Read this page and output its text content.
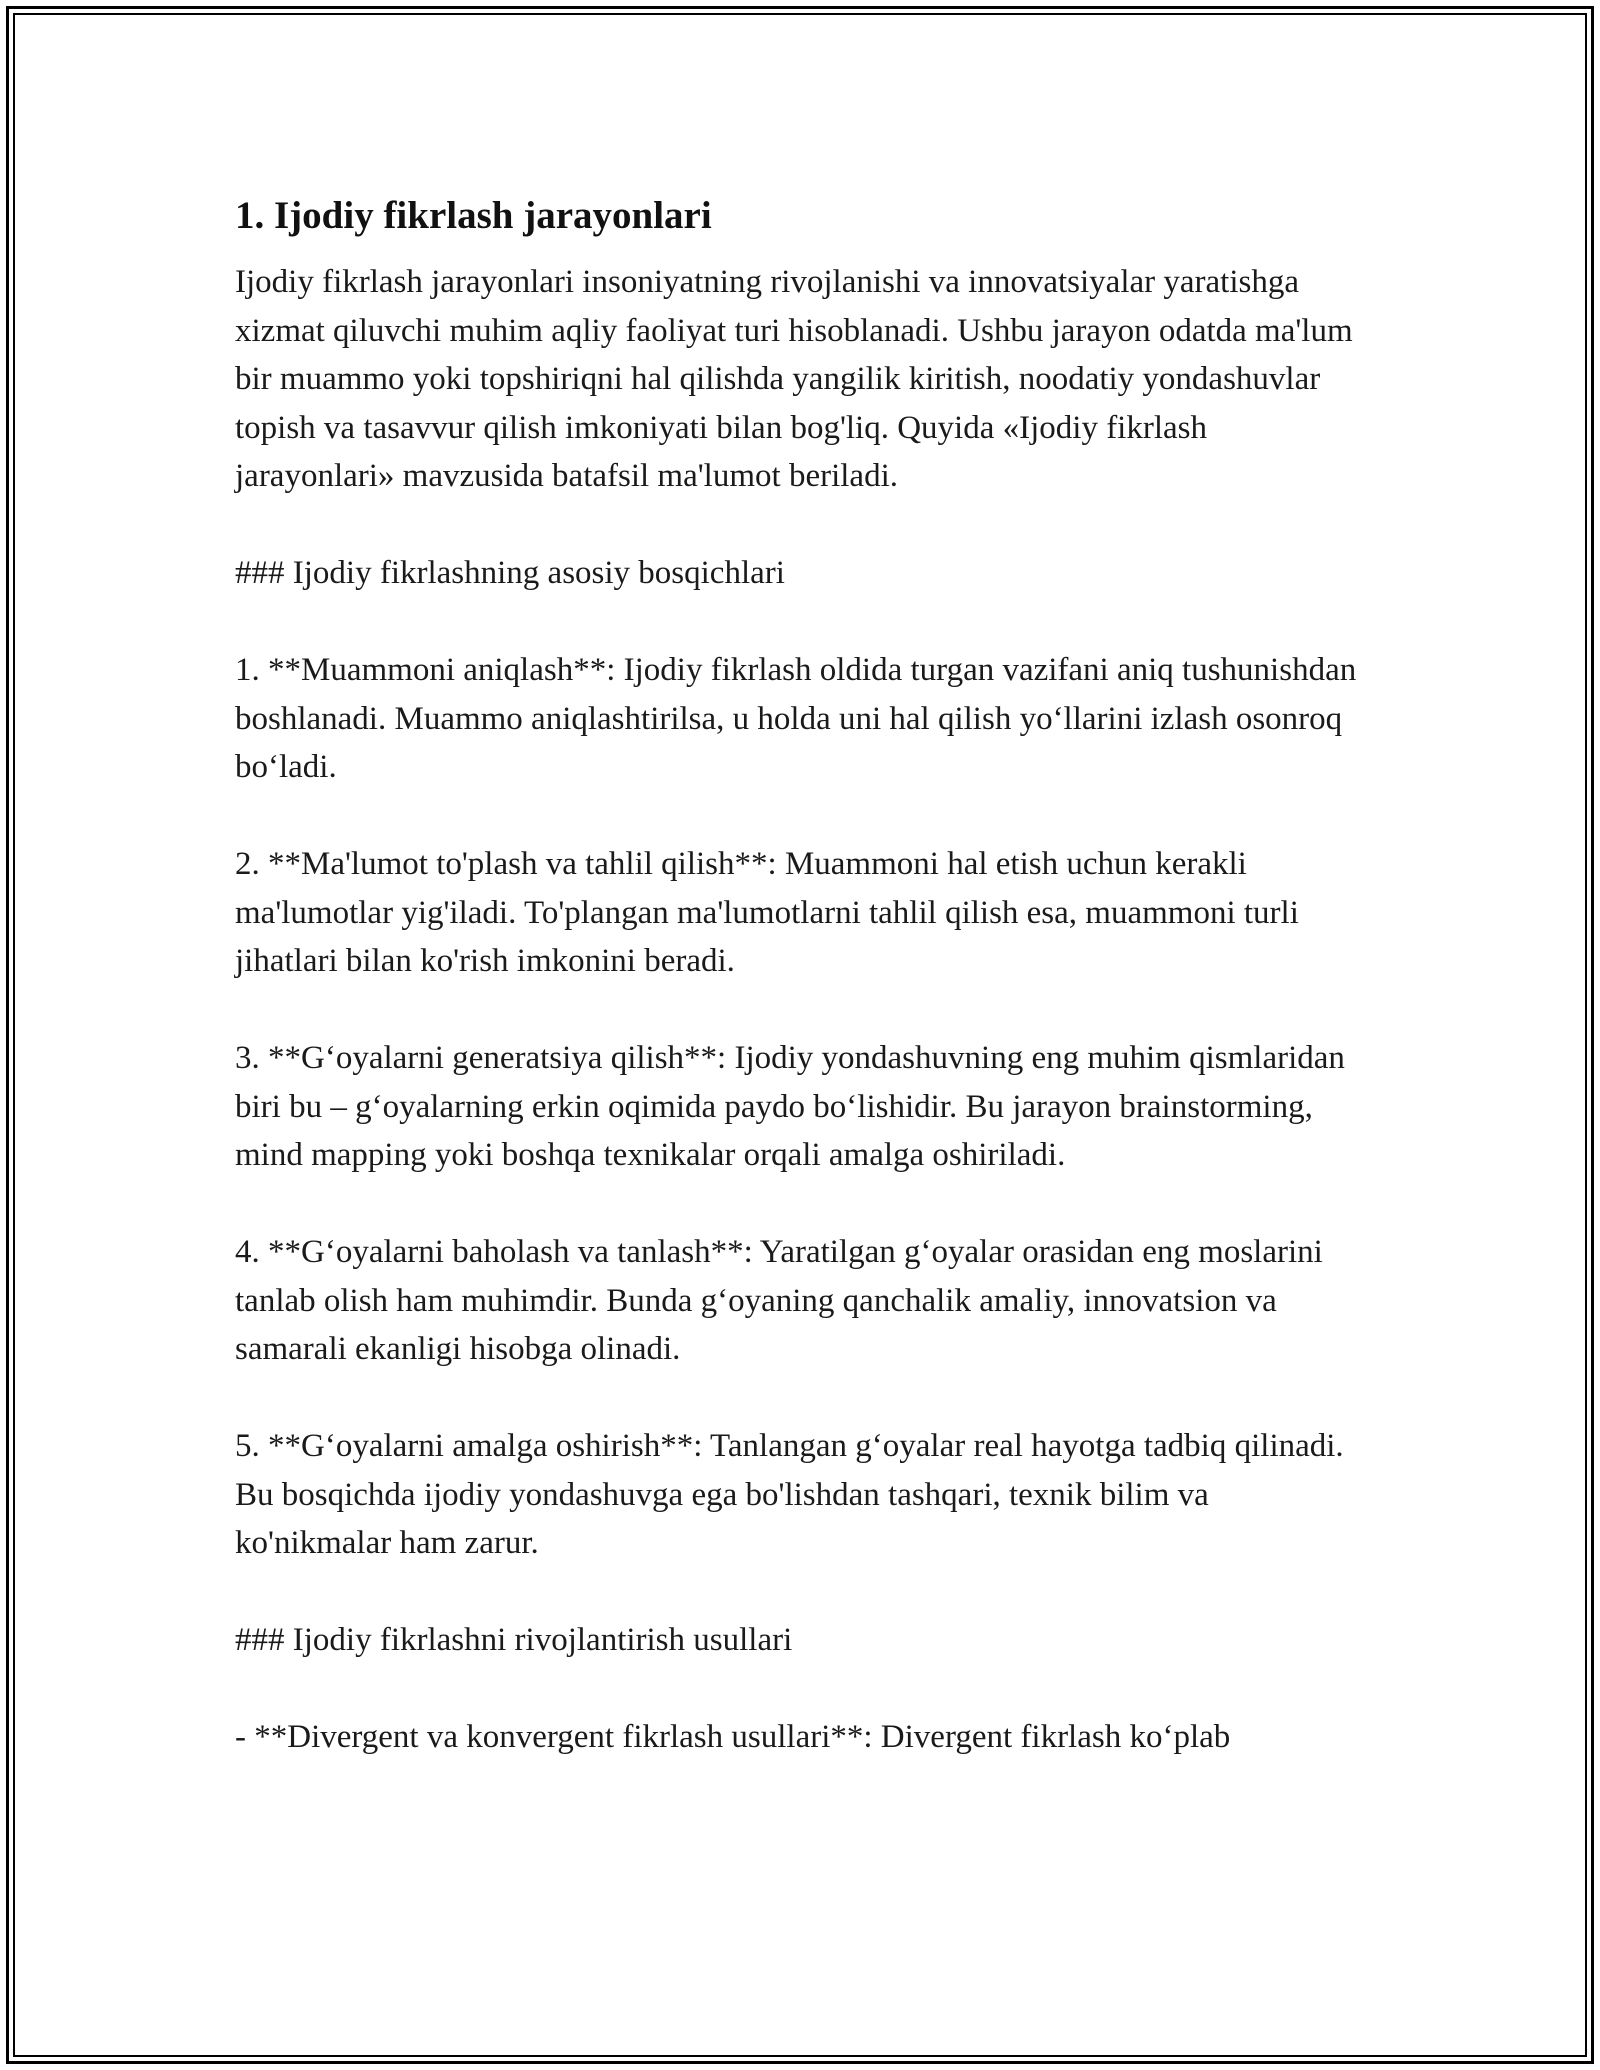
1. Ijodiy fikrlash jarayonlari

Ijodiy fikrlash jarayonlari insoniyatning rivojlanishi va innovatsiyalar yaratishga xizmat qiluvchi muhim aqliy faoliyat turi hisoblanadi. Ushbu jarayon odatda ma'lum bir muammo yoki topshiriqni hal qilishda yangilik kiritish, noodatiy yondashuvlar topish va tasavvur qilish imkoniyati bilan bog'liq. Quyida «Ijodiy fikrlash jarayonlari» mavzusida batafsil ma'lumot beriladi.

### Ijodiy fikrlashning asosiy bosqichlari

1. **Muammoni aniqlash**: Ijodiy fikrlash oldida turgan vazifani aniq tushunishdan boshlanadi. Muammo aniqlashtirilsa, u holda uni hal qilish yo‘llarini izlash osonroq bo‘ladi.

2. **Ma'lumot to'plash va tahlil qilish**: Muammoni hal etish uchun kerakli ma'lumotlar yig'iladi. To'plangan ma'lumotlarni tahlil qilish esa, muammoni turli jihatlari bilan ko'rish imkonini beradi.

3. **G‘oyalarni generatsiya qilish**: Ijodiy yondashuvning eng muhim qismlaridan biri bu – g‘oyalarning erkin oqimida paydo bo‘lishidir. Bu jarayon brainstorming, mind mapping yoki boshqa texnikalar orqali amalga oshiriladi.

4. **G‘oyalarni baholash va tanlash**: Yaratilgan g‘oyalar orasidan eng moslarini tanlab olish ham muhimdir. Bunda g‘oyaning qanchalik amaliy, innovatsion va samarali ekanligi hisobga olinadi.

5. **G‘oyalarni amalga oshirish**: Tanlangan g‘oyalar real hayotga tadbiq qilinadi. Bu bosqichda ijodiy yondashuvga ega bo'lishdan tashqari, texnik bilim va ko'nikmalar ham zarur.

### Ijodiy fikrlashni rivojlantirish usullari

- **Divergent va konvergent fikrlash usullari**: Divergent fikrlash ko‘plab
